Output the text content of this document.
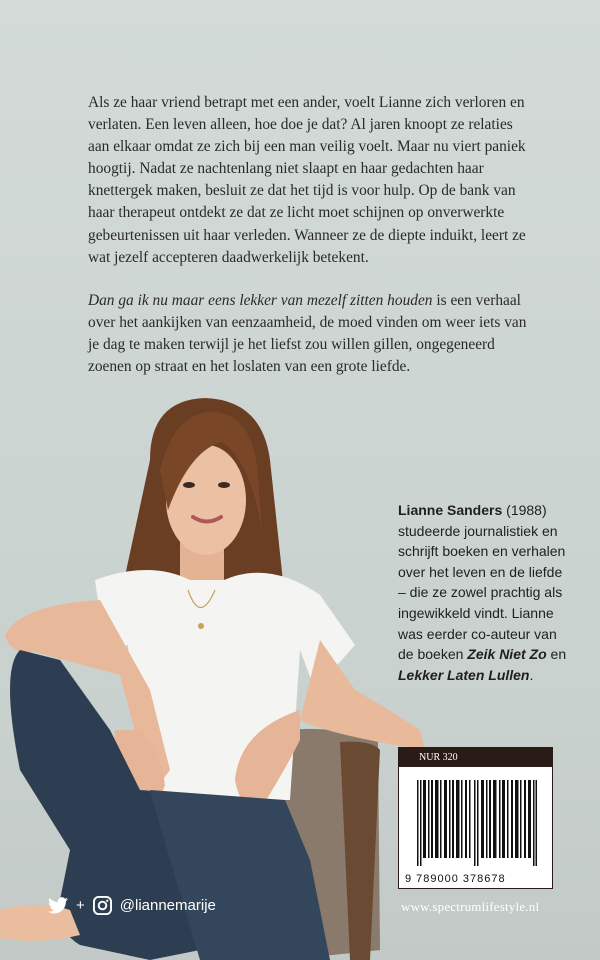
Als ze haar vriend betrapt met een ander, voelt Lianne zich verloren en verlaten. Een leven alleen, hoe doe je dat? Al jaren knoopt ze relaties aan elkaar omdat ze zich bij een man veilig voelt. Maar nu viert paniek hoogtij. Nadat ze nachtenlang niet slaapt en haar gedachten haar knettergek maken, besluit ze dat het tijd is voor hulp. Op de bank van haar therapeut ontdekt ze dat ze licht moet schijnen op onverwerkte gebeurtenissen uit haar verleden. Wanneer ze de diepte induikt, leert ze wat jezelf accepteren daadwerkelijk betekent.

Dan ga ik nu maar eens lekker van mezelf zitten houden is een verhaal over het aankijken van eenzaamheid, de moed vinden om weer iets van je dag te maken terwijl je het liefst zou willen gillen, ongegeneerd zoenen op straat en het loslaten van een grote liefde.

Lianne Sanders (1988) studeerde journalistiek en schrijft boeken en verhalen over het leven en de liefde – die ze zowel prachtig als ingewikkeld vindt. Lianne was eerder co-auteur van de boeken Zeik Niet Zo en Lekker Laten Lullen.
NUR 320
9 789000 378678
+ @liannemarije	www.spectrumlifestyle.nl
